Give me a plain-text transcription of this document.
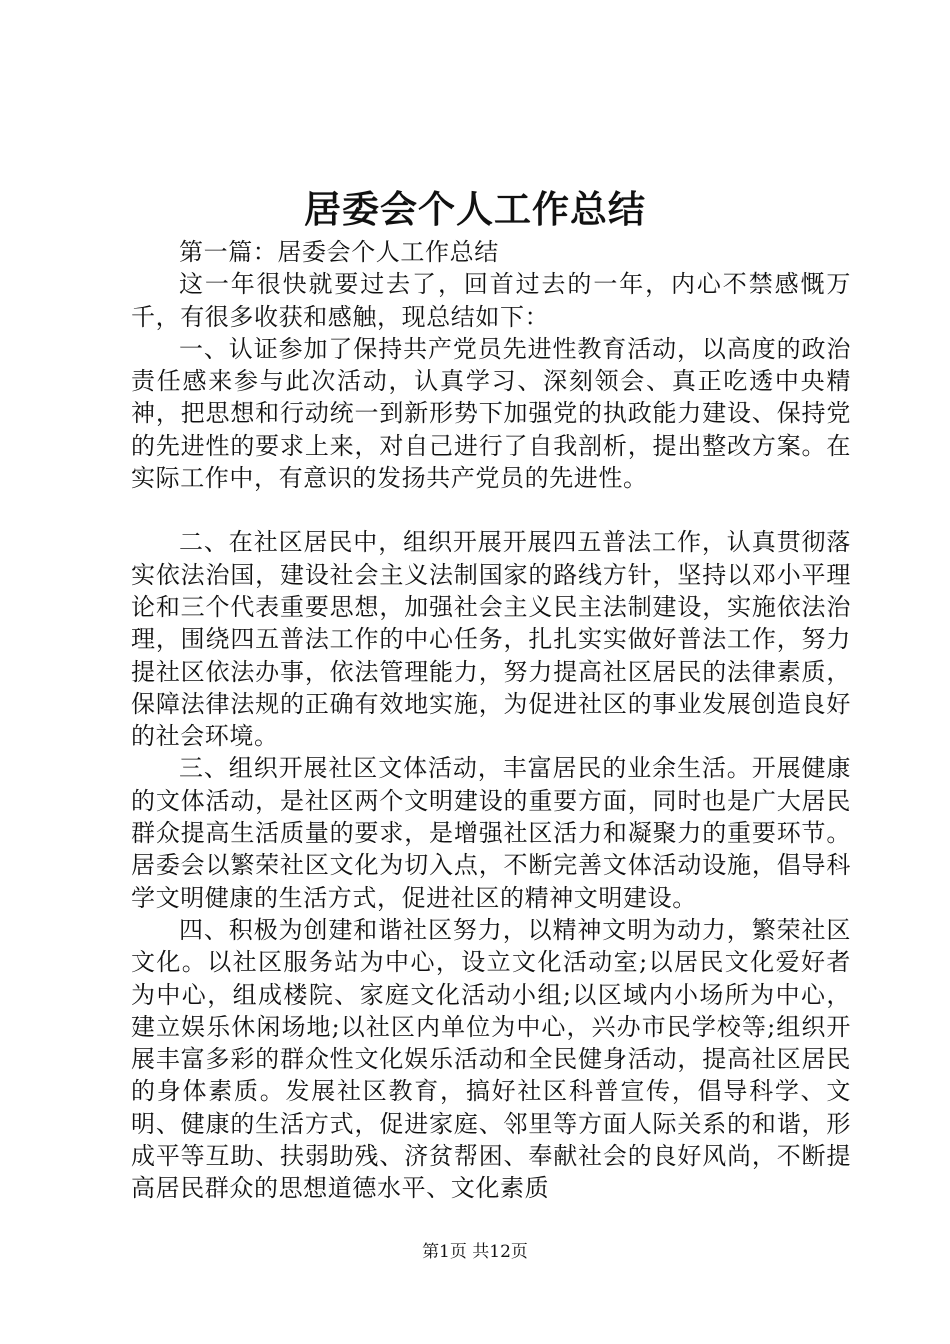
居委会个人工作总结

第一篇：居委会个人工作总结

这一年很快就要过去了，回首过去的一年，内心不禁感慨万千，有很多收获和感触，现总结如下：

一、认证参加了保持共产党员先进性教育活动，以高度的政治责任感来参与此次活动，认真学习、深刻领会、真正吃透中央精神，把思想和行动统一到新形势下加强党的执政能力建设、保持党的先进性的要求上来，对自己进行了自我剖析，提出整改方案。在实际工作中，有意识的发扬共产党员的先进性。

二、在社区居民中，组织开展开展四五普法工作，认真贯彻落实依法治国，建设社会主义法制国家的路线方针，坚持以邓小平理论和三个代表重要思想，加强社会主义民主法制建设，实施依法治理，围绕四五普法工作的中心任务，扎扎实实做好普法工作，努力提社区依法办事，依法管理能力，努力提高社区居民的法律素质，保障法律法规的正确有效地实施，为促进社区的事业发展创造良好的社会环境。

三、组织开展社区文体活动，丰富居民的业余生活。开展健康的文体活动，是社区两个文明建设的重要方面，同时也是广大居民群众提高生活质量的要求，是增强社区活力和凝聚力的重要环节。居委会以繁荣社区文化为切入点，不断完善文体活动设施，倡导科学文明健康的生活方式，促进社区的精神文明建设。

四、积极为创建和谐社区努力，以精神文明为动力，繁荣社区文化。以社区服务站为中心，设立文化活动室;以居民文化爱好者为中心，组成楼院、家庭文化活动小组;以区域内小场所为中心，建立娱乐休闲场地;以社区内单位为中心，兴办市民学校等;组织开展丰富多彩的群众性文化娱乐活动和全民健身活动，提高社区居民的身体素质。发展社区教育，搞好社区科普宣传，倡导科学、文明、健康的生活方式，促进家庭、邻里等方面人际关系的和谐，形成平等互助、扶弱助残、济贫帮困、奉献社会的良好风尚，不断提高居民群众的思想道德水平、文化素质

第1页 共12页
